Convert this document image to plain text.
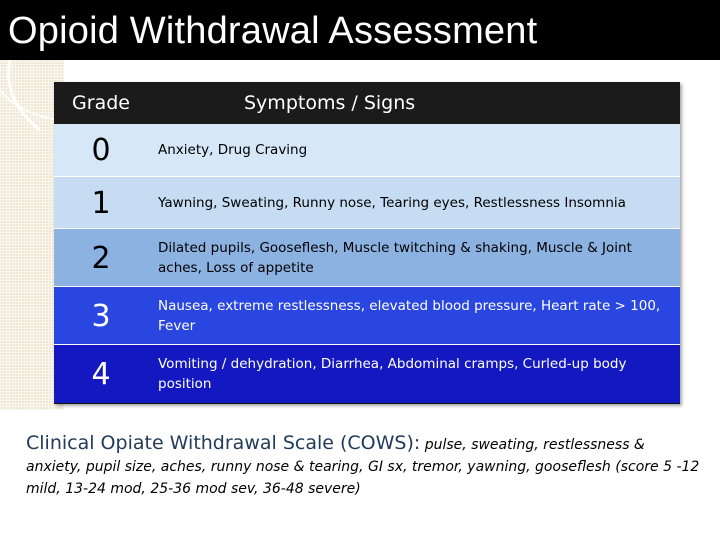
Opioid Withdrawal Assessment
Grade	Symptoms / Signs
0	Anxiety, Drug Craving
1	Yawning, Sweating, Runny nose, Tearing eyes, Restlessness Insomnia
2	Dilated pupils, Gooseflesh, Muscle twitching & shaking, Muscle & Joint aches, Loss of appetite
3	Nausea, extreme restlessness, elevated blood pressure, Heart rate > 100, Fever
4	Vomiting / dehydration, Diarrhea, Abdominal cramps, Curled-up body position
Clinical Opiate Withdrawal Scale (COWS): pulse, sweating, restlessness & anxiety, pupil size, aches, runny nose & tearing, GI sx, tremor, yawning, gooseflesh (score 5 -12 mild, 13-24 mod, 25-36 mod sev, 36-48 severe)
